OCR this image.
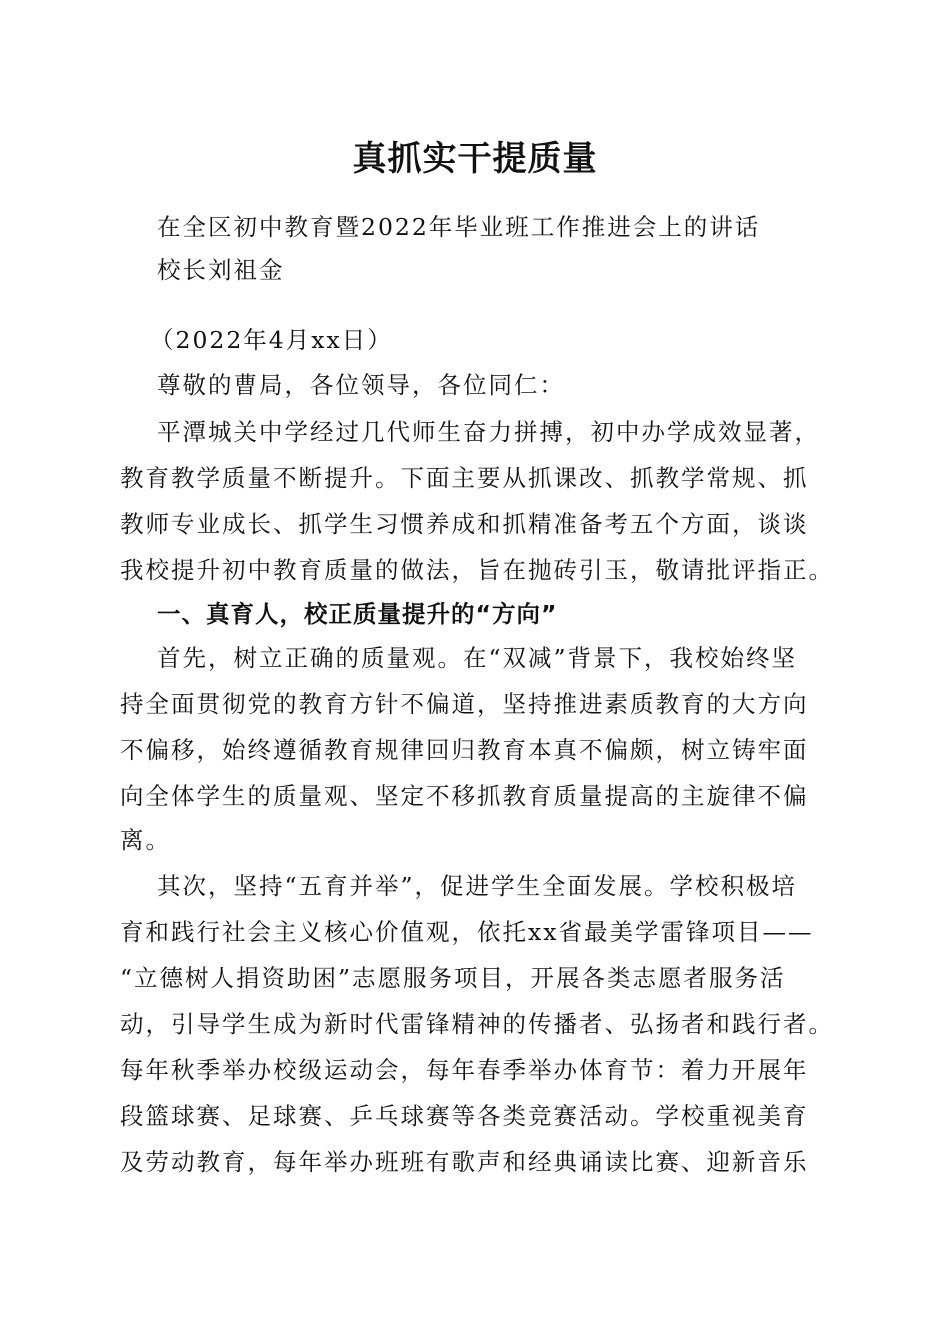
真抓实干提质量
在全区初中教育暨2022年毕业班工作推进会上的讲话
校长刘祖金
（2022年4月xx日）
尊敬的曹局，各位领导，各位同仁：
平潭城关中学经过几代师生奋力拼搏，初中办学成效显著，
教育教学质量不断提升。下面主要从抓课改、抓教学常规、抓
教师专业成长、抓学生习惯养成和抓精准备考五个方面，谈谈
我校提升初中教育质量的做法，旨在抛砖引玉，敬请批评指正。
一、真育人，校正质量提升的“方向”
首先，树立正确的质量观。在“双减”背景下，我校始终坚
持全面贯彻党的教育方针不偏道，坚持推进素质教育的大方向
不偏移，始终遵循教育规律回归教育本真不偏颇，树立铸牢面
向全体学生的质量观、坚定不移抓教育质量提高的主旋律不偏
离。
其次，坚持“五育并举”，促进学生全面发展。学校积极培
育和践行社会主义核心价值观，依托xx省最美学雷锋项目——
“立德树人捐资助困”志愿服务项目，开展各类志愿者服务活
动，引导学生成为新时代雷锋精神的传播者、弘扬者和践行者。
每年秋季举办校级运动会，每年春季举办体育节：着力开展年
段篮球赛、足球赛、乒乓球赛等各类竞赛活动。学校重视美育
及劳动教育，每年举办班班有歌声和经典诵读比赛、迎新音乐
